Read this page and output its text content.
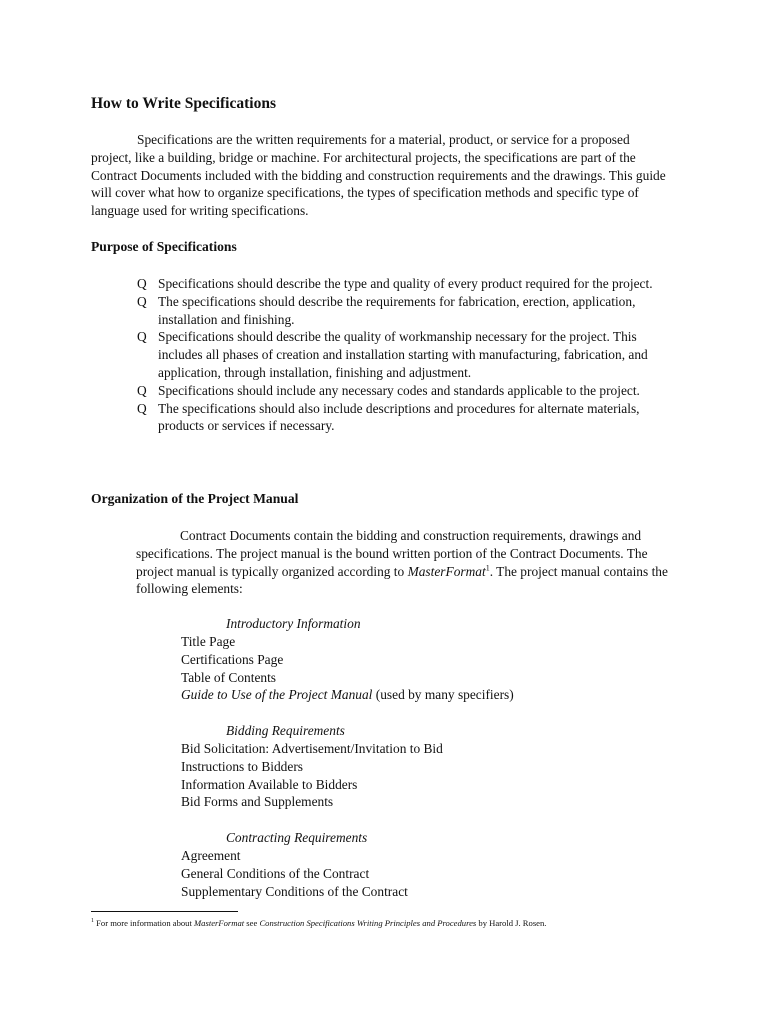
How to Write Specifications

Specifications are the written requirements for a material, product, or service for a proposed project, like a building, bridge or machine. For architectural projects, the specifications are part of the Contract Documents included with the bidding and construction requirements and the drawings. This guide will cover what how to organize specifications, the types of specification methods and specific type of language used for writing specifications.

Purpose of Specifications
Q Specifications should describe the type and quality of every product required for the project.
Q The specifications should describe the requirements for fabrication, erection, application, installation and finishing.
Q Specifications should describe the quality of workmanship necessary for the project. This includes all phases of creation and installation starting with manufacturing, fabrication, and application, through installation, finishing and adjustment.
Q Specifications should include any necessary codes and standards applicable to the project.
Q The specifications should also include descriptions and procedures for alternate materials, products or services if necessary.
Organization of the Project Manual

Contract Documents contain the bidding and construction requirements, drawings and specifications. The project manual is the bound written portion of the Contract Documents. The project manual is typically organized according to MasterFormat$^1$. The project manual contains the following elements:

Introductory Information

Title Page
Certifications Page
Table of Contents
Guide to Use of the Project Manual (used by many specifiers)

Bidding Requirements

Bid Solicitation: Advertisement/Invitation to Bid
Instructions to Bidders
Information Available to Bidders
Bid Forms and Supplements

Contracting Requirements

Agreement
General Conditions of the Contract
Supplementary Conditions of the Contract

$^1$ For more information about MasterFormat see Construction Specifications Writing Principles and Procedures by Harold J. Rosen.
